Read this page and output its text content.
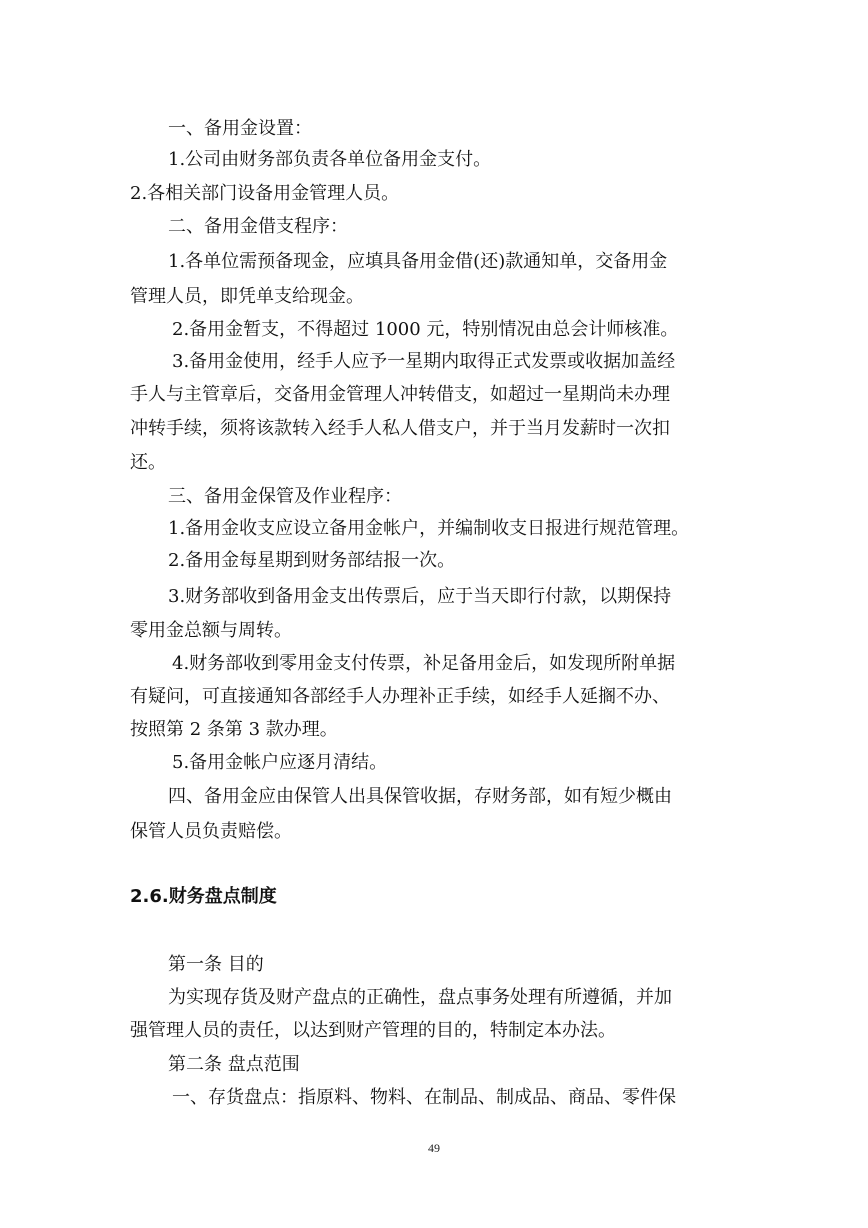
一、备用金设置：
1.公司由财务部负责各单位备用金支付。
2.各相关部门设备用金管理人员。
二、备用金借支程序：
1.各单位需预备现金，应填具备用金借(还)款通知单，交备用金
管理人员，即凭单支给现金。
2.备用金暂支，不得超过 1000 元，特别情况由总会计师核准。
3.备用金使用，经手人应予一星期内取得正式发票或收据加盖经
手人与主管章后，交备用金管理人冲转借支，如超过一星期尚未办理
冲转手续，须将该款转入经手人私人借支户，并于当月发薪时一次扣
还。
三、备用金保管及作业程序：
1.备用金收支应设立备用金帐户，并编制收支日报进行规范管理。
2.备用金每星期到财务部结报一次。
3.财务部收到备用金支出传票后，应于当天即行付款，以期保持
零用金总额与周转。
4.财务部收到零用金支付传票，补足备用金后，如发现所附单据
有疑问，可直接通知各部经手人办理补正手续，如经手人延搁不办、
按照第 2 条第 3 款办理。
5.备用金帐户应逐月清结。
四、备用金应由保管人出具保管收据，存财务部，如有短少概由
保管人员负责赔偿。
2.6.财务盘点制度
第一条 目的
为实现存货及财产盘点的正确性，盘点事务处理有所遵循，并加
强管理人员的责任，以达到财产管理的目的，特制定本办法。
第二条 盘点范围
一、存货盘点：指原料、物料、在制品、制成品、商品、零件保
49
